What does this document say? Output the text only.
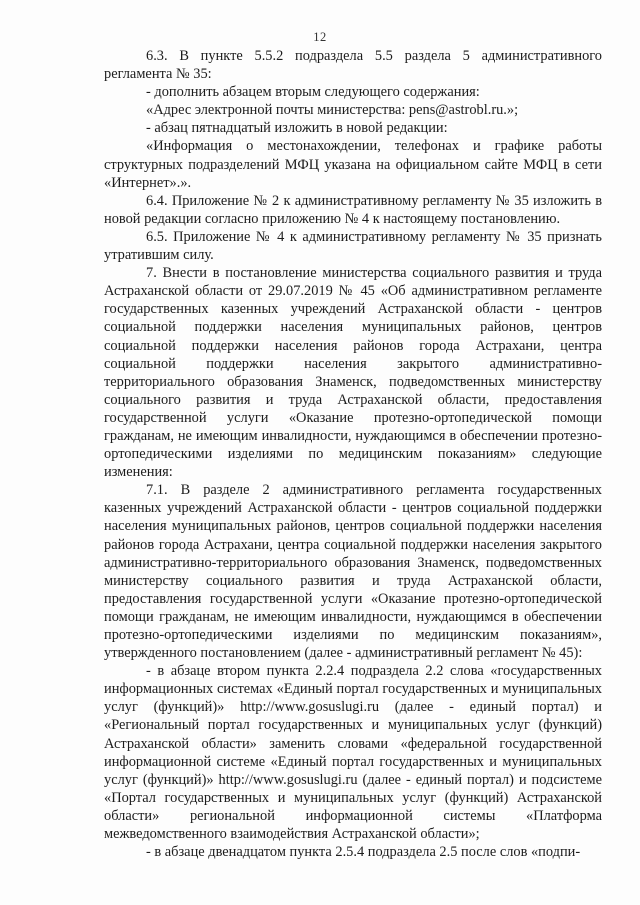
12

6.3. В пункте 5.5.2 подраздела 5.5 раздела 5 административного регламента № 35:

- дополнить абзацем вторым следующего содержания:

«Адрес электронной почты министерства: pens@astrobl.ru.»;

- абзац пятнадцатый изложить в новой редакции:

«Информация о местонахождении, телефонах и графике работы структурных подразделений МФЦ указана на официальном сайте МФЦ в сети «Интернет».».

6.4. Приложение № 2 к административному регламенту № 35 изложить в новой редакции согласно приложению № 4 к настоящему постановлению.

6.5. Приложение № 4 к административному регламенту № 35 признать утратившим силу.

7. Внести в постановление министерства социального развития и труда Астраханской области от 29.07.2019 № 45 «Об административном регламенте государственных казенных учреждений Астраханской области - центров социальной поддержки населения муниципальных районов, центров социальной поддержки населения районов города Астрахани, центра социальной поддержки населения закрытого административно-территориального образования Знаменск, подведомственных министерству социального развития и труда Астраханской области, предоставления государственной услуги «Оказание протезно-ортопедической помощи гражданам, не имеющим инвалидности, нуждающимся в обеспечении протезно-ортопедическими изделиями по медицинским показаниям» следующие изменения:

7.1. В разделе 2 административного регламента государственных казенных учреждений Астраханской области - центров социальной поддержки населения муниципальных районов, центров социальной поддержки населения районов города Астрахани, центра социальной поддержки населения закрытого административно-территориального образования Знаменск, подведомственных министерству социального развития и труда Астраханской области, предоставления государственной услуги «Оказание протезно-ортопедической помощи гражданам, не имеющим инвалидности, нуждающимся в обеспечении протезно-ортопедическими изделиями по медицинским показаниям», утвержденного постановлением (далее - административный регламент № 45):

- в абзаце втором пункта 2.2.4 подраздела 2.2 слова «государственных информационных системах «Единый портал государственных и муниципальных услуг (функций)» http://www.gosuslugi.ru (далее - единый портал) и «Региональный портал государственных и муниципальных услуг (функций) Астраханской области» заменить словами «федеральной государственной информационной системе «Единый портал государственных и муниципальных услуг (функций)» http://www.gosuslugi.ru (далее - единый портал) и подсистеме «Портал государственных и муниципальных услуг (функций) Астраханской области» региональной информационной системы «Платформа межведомственного взаимодействия Астраханской области»;

- в абзаце двенадцатом пункта 2.5.4 подраздела 2.5 после слов «подпи-
